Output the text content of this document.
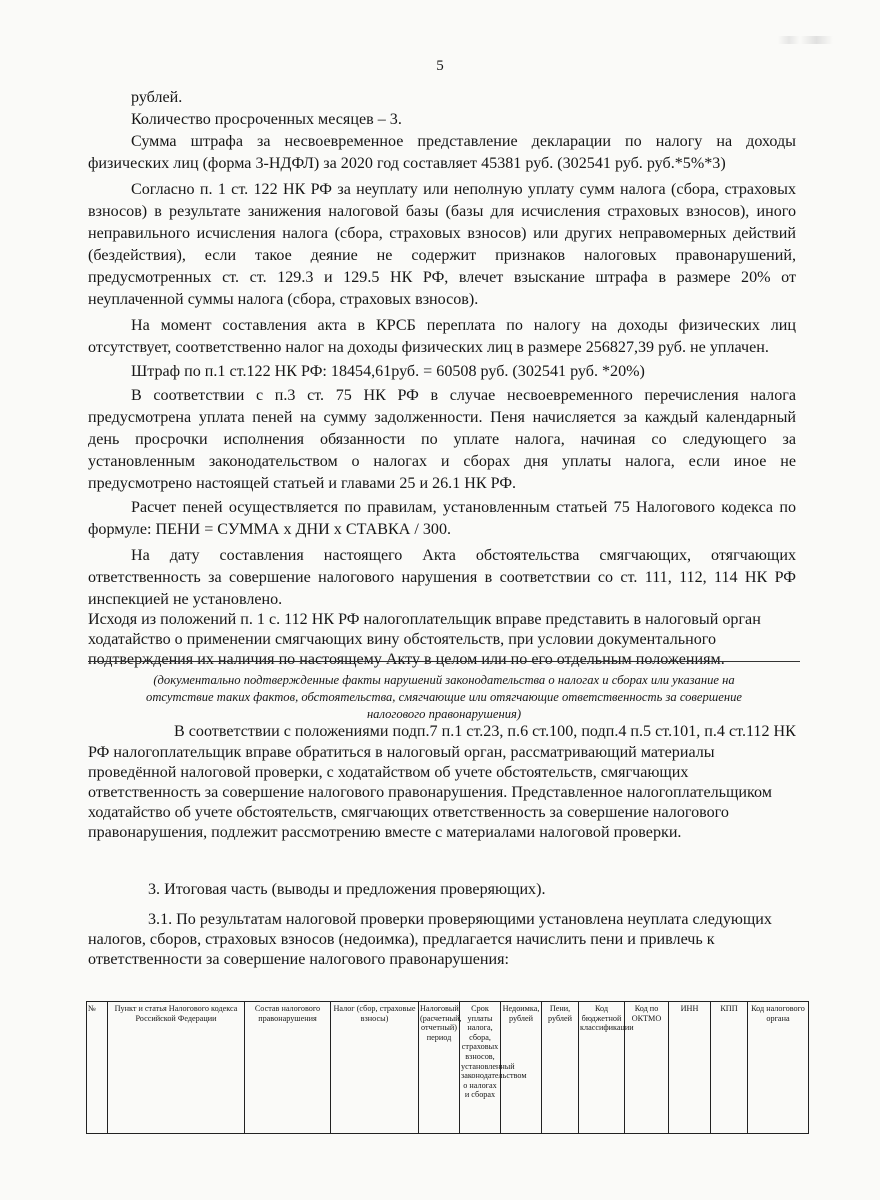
5
рублей.
Количество просроченных месяцев – 3.
Сумма штрафа за несвоевременное представление декларации по налогу на доходы
физических лиц (форма 3-НДФЛ) за 2020 год составляет 45381 руб. (302541 руб. руб.*5%*3)
Согласно п. 1 ст. 122 НК РФ за неуплату или неполную уплату сумм налога (сбора, страховых
взносов) в результате занижения налоговой базы (базы для исчисления страховых взносов), иного
неправильного исчисления налога (сбора, страховых взносов) или других неправомерных действий
(бездействия), если такое деяние не содержит признаков налоговых правонарушений,
предусмотренных ст. ст. 129.3 и 129.5 НК РФ, влечет взыскание штрафа в размере 20% от
неуплаченной суммы налога (сбора, страховых взносов).
На момент составления акта в КРСБ переплата по налогу на доходы физических лиц
отсутствует, соответственно налог на доходы физических лиц в размере 256827,39 руб. не уплачен.
Штраф по п.1 ст.122 НК РФ: 18454,61руб. = 60508 руб. (302541 руб. *20%)
В соответствии с п.3 ст. 75 НК РФ в случае несвоевременного перечисления налога
предусмотрена уплата пеней на сумму задолженности. Пеня начисляется за каждый календарный
день просрочки исполнения обязанности по уплате налога, начиная со следующего за
установленным законодательством о налогах и сборах дня уплаты налога, если иное не
предусмотрено настоящей статьей и главами 25 и 26.1 НК РФ.
Расчет пеней осуществляется по правилам, установленным статьей 75 Налогового кодекса по
формуле: ПЕНИ = СУММА х ДНИ х СТАВКА / 300.
На дату составления настоящего Акта обстоятельства смягчающих, отягчающих
ответственность за совершение налогового нарушения в соответствии со ст. 111, 112, 114 НК РФ
инспекцией не установлено.
Исходя из положений п. 1 с. 112 НК РФ налогоплательщик вправе представить в налоговый орган
ходатайство о применении смягчающих вину обстоятельств, при условии документального
подтверждения их наличия по настоящему Акту в целом или по его отдельным положениям.
(документально подтвержденные факты нарушений законодательства о налогах и сборах или указание на
отсутствие таких фактов, обстоятельства, смягчающие или отягчающие ответственность за совершение
налогового правонарушения)
В соответствии с положениями подп.7 п.1 ст.23, п.6 ст.100, подп.4 п.5 ст.101, п.4 ст.112 НК
РФ налогоплательщик вправе обратиться в налоговый орган, рассматривающий материалы
проведённой налоговой проверки, с ходатайством об учете обстоятельств, смягчающих
ответственность за совершение налогового правонарушения. Представленное налогоплательщиком
ходатайство об учете обстоятельств, смягчающих ответственность за совершение налогового
правонарушения, подлежит рассмотрению вместе с материалами налоговой проверки.
3. Итоговая часть (выводы и предложения проверяющих).
3.1. По результатам налоговой проверки проверяющими установлена неуплата следующих
налогов, сборов, страховых взносов (недоимка), предлагается начислить пени и привлечь к
ответственности за совершение налогового правонарушения:
№	Пункт и статья Налогового кодекса Российской Федерации	Состав налогового правонарушения	Налог (сбор, страховые взносы)	Налоговый (расчетный, отчетный) период	Срок уплаты налога, сбора, страховых взносов, установленный законодательством о налогах и сборах	Недоимка, рублей	Пени, рублей	Код бюджетной классификации	Код по ОКТМО	ИНН	КПП	Код налогового органа
